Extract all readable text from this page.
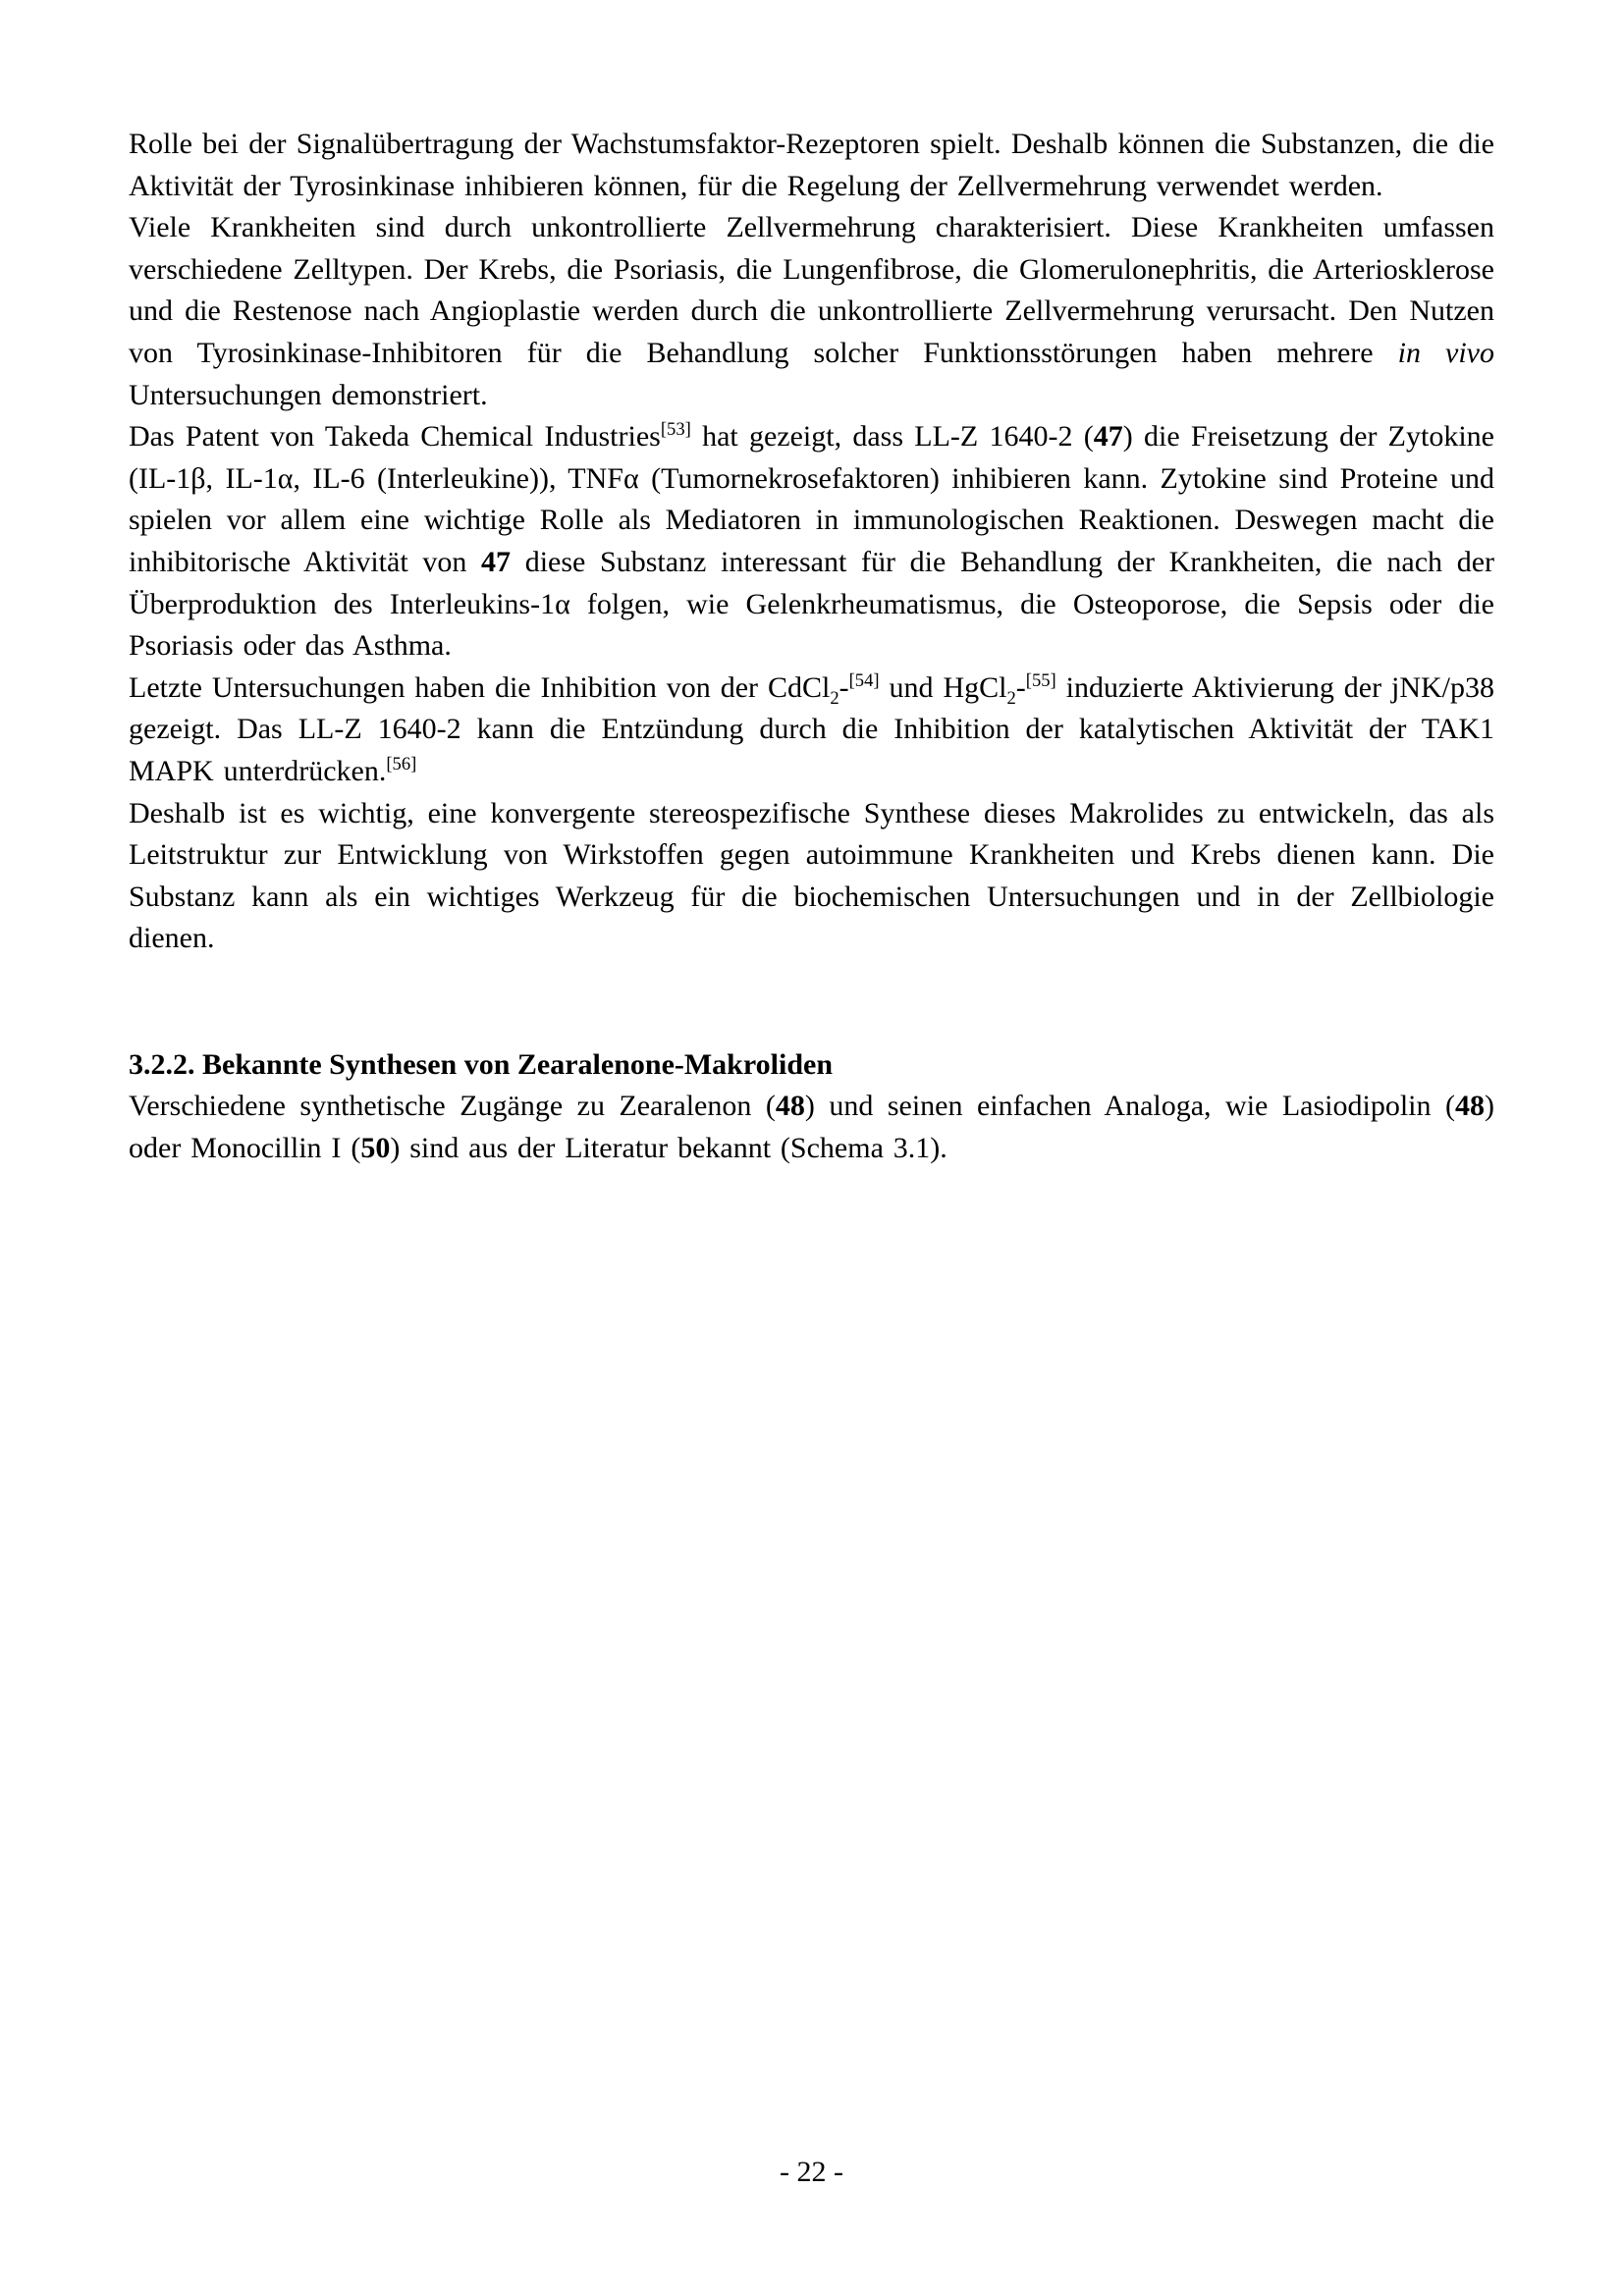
Rolle bei der Signalübertragung der Wachstumsfaktor-Rezeptoren spielt. Deshalb können die Substanzen, die die Aktivität der Tyrosinkinase inhibieren können, für die Regelung der Zellvermehrung verwendet werden.

Viele Krankheiten sind durch unkontrollierte Zellvermehrung charakterisiert. Diese Krankheiten umfassen verschiedene Zelltypen. Der Krebs, die Psoriasis, die Lungenfibrose, die Glomerulonephritis, die Arteriosklerose und die Restenose nach Angioplastie werden durch die unkontrollierte Zellvermehrung verursacht. Den Nutzen von Tyrosinkinase-Inhibitoren für die Behandlung solcher Funktionsstörungen haben mehrere in vivo Untersuchungen demonstriert.

Das Patent von Takeda Chemical Industries[53] hat gezeigt, dass LL-Z 1640-2 (47) die Freisetzung der Zytokine (IL-1β, IL-1α, IL-6 (Interleukine)), TNFα (Tumornekrosefaktoren) inhibieren kann. Zytokine sind Proteine und spielen vor allem eine wichtige Rolle als Mediatoren in immunologischen Reaktionen. Deswegen macht die inhibitorische Aktivität von 47 diese Substanz interessant für die Behandlung der Krankheiten, die nach der Überproduktion des Interleukins-1α folgen, wie Gelenkrheumatismus, die Osteoporose, die Sepsis oder die Psoriasis oder das Asthma.

Letzte Untersuchungen haben die Inhibition von der CdCl$_2$-[54] und HgCl$_2$-[55] induzierte Aktivierung der jNK/p38 gezeigt. Das LL-Z 1640-2 kann die Entzündung durch die Inhibition der katalytischen Aktivität der TAK1 MAPK unterdrücken.[56]

Deshalb ist es wichtig, eine konvergente stereospezifische Synthese dieses Makrolides zu entwickeln, das als Leitstruktur zur Entwicklung von Wirkstoffen gegen autoimmune Krankheiten und Krebs dienen kann. Die Substanz kann als ein wichtiges Werkzeug für die biochemischen Untersuchungen und in der Zellbiologie dienen.

3.2.2. Bekannte Synthesen von Zearalenone-Makroliden

Verschiedene synthetische Zugänge zu Zearalenon (48) und seinen einfachen Analoga, wie Lasiodipolin (48) oder Monocillin I (50) sind aus der Literatur bekannt (Schema 3.1).

- 22 -
